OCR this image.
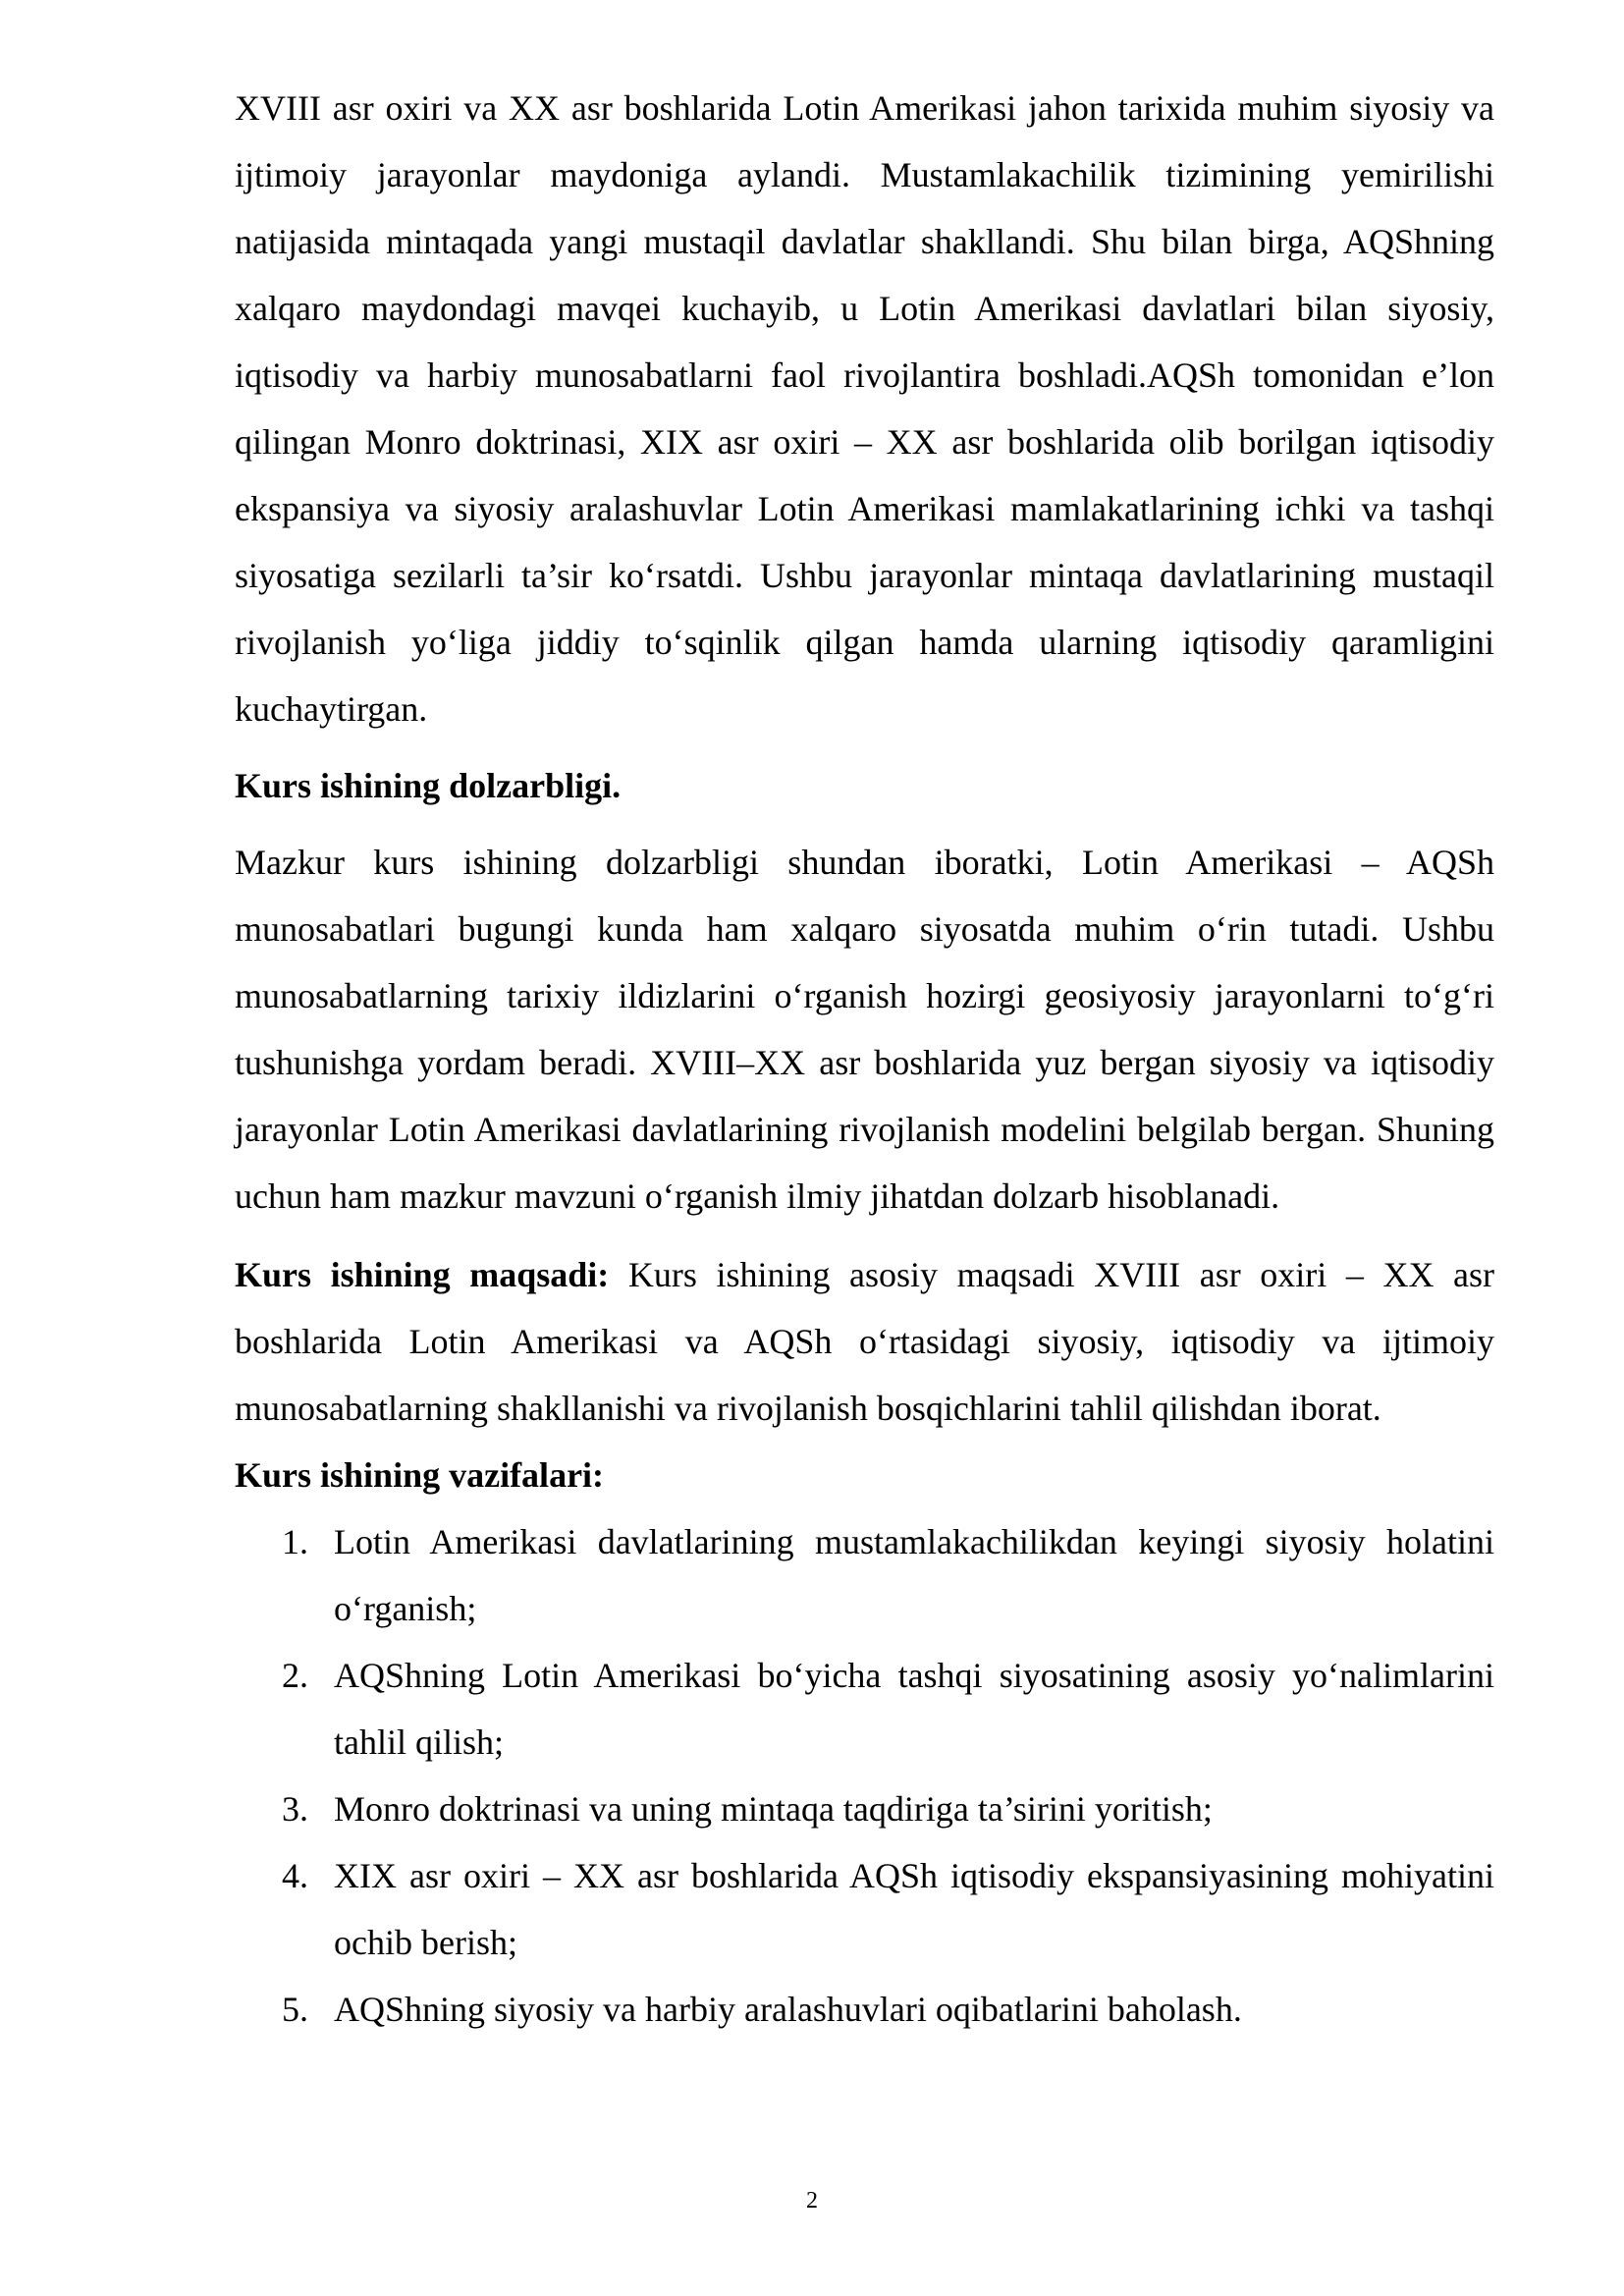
XVIII asr oxiri va XX asr boshlarida Lotin Amerikasi jahon tarixida muhim siyosiy va ijtimoiy jarayonlar maydoniga aylandi. Mustamlakachilik tizimining yemirilishi natijasida mintaqada yangi mustaqil davlatlar shakllandi. Shu bilan birga, AQShning xalqaro maydondagi mavqei kuchayib, u Lotin Amerikasi davlatlari bilan siyosiy, iqtisodiy va harbiy munosabatlarni faol rivojlantira boshladi.AQSh tomonidan e’lon qilingan Monro doktrinasi, XIX asr oxiri – XX asr boshlarida olib borilgan iqtisodiy ekspansiya va siyosiy aralashuvlar Lotin Amerikasi mamlakatlarining ichki va tashqi siyosatiga sezilarli ta’sir ko‘rsatdi. Ushbu jarayonlar mintaqa davlatlarining mustaqil rivojlanish yo‘liga jiddiy to‘sqinlik qilgan hamda ularning iqtisodiy qaramligini kuchaytirgan.

Kurs ishining dolzarbligi.

Mazkur kurs ishining dolzarbligi shundan iboratki, Lotin Amerikasi – AQSh munosabatlari bugungi kunda ham xalqaro siyosatda muhim o‘rin tutadi. Ushbu munosabatlarning tarixiy ildizlarini o‘rganish hozirgi geosiyosiy jarayonlarni to‘g‘ri tushunishga yordam beradi. XVIII–XX asr boshlarida yuz bergan siyosiy va iqtisodiy jarayonlar Lotin Amerikasi davlatlarining rivojlanish modelini belgilab bergan. Shuning uchun ham mazkur mavzuni o‘rganish ilmiy jihatdan dolzarb hisoblanadi.

Kurs ishining maqsadi: Kurs ishining asosiy maqsadi XVIII asr oxiri – XX asr boshlarida Lotin Amerikasi va AQSh o‘rtasidagi siyosiy, iqtisodiy va ijtimoiy munosabatlarning shakllanishi va rivojlanish bosqichlarini tahlil qilishdan iborat.

Kurs ishining vazifalari:

1. Lotin Amerikasi davlatlarining mustamlakachilikdan keyingi siyosiy holatini o‘rganish;
2. AQShning Lotin Amerikasi bo‘yicha tashqi siyosatining asosiy yo‘nalimlarini tahlil qilish;
3. Monro doktrinasi va uning mintaqa taqdiriga ta’sirini yoritish;
4. XIX asr oxiri – XX asr boshlarida AQSh iqtisodiy ekspansiyasining mohiyatini ochib berish;
5. AQShning siyosiy va harbiy aralashuvlari oqibatlarini baholash.
2
